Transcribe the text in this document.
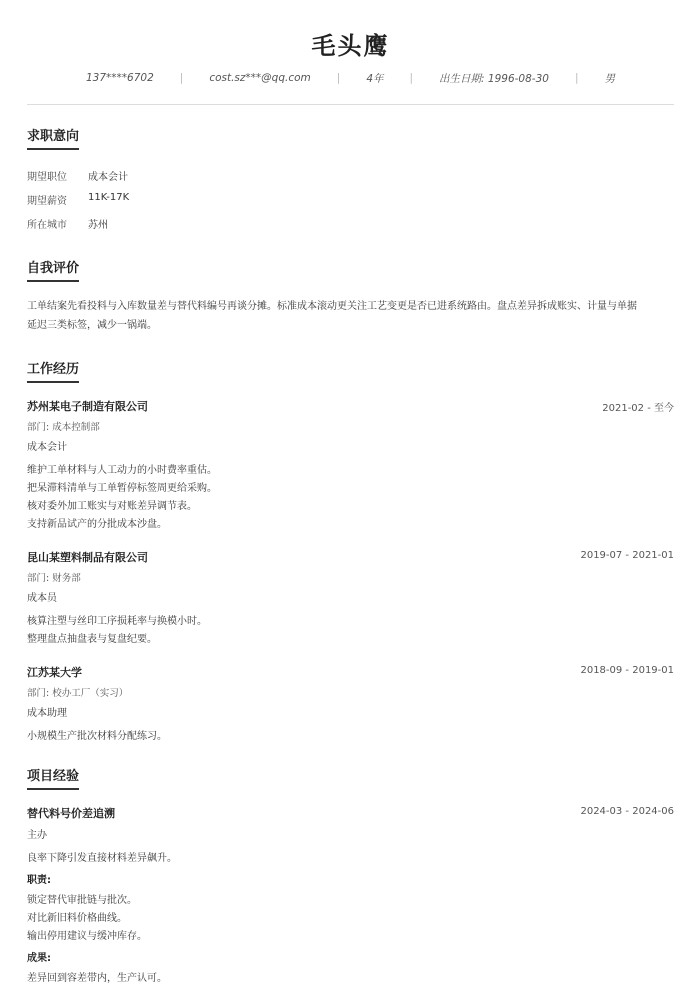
毛头鹰
137****6702 | cost.sz***@qq.com | 4年 | 出生日期: 1996-08-30 | 男
求职意向
期望职位	成本会计
期望薪资	11K-17K
所在城市	苏州
自我评价
工单结案先看投料与入库数量差与替代料编号再谈分摊。标准成本滚动更关注工艺变更是否已进系统路由。盘点差异拆成账实、计量与单据
延迟三类标签，减少一锅端。
工作经历
苏州某电子制造有限公司	2021-02 - 至今
部门: 成本控制部
成本会计
维护工单材料与人工动力的小时费率重估。
把呆滞料清单与工单暂停标签周更给采购。
核对委外加工账实与对账差异调节表。
支持新品试产的分批成本沙盘。
昆山某塑料制品有限公司	2019-07 - 2021-01
部门: 财务部
成本员
核算注塑与丝印工序损耗率与换模小时。
整理盘点抽盘表与复盘纪要。
江苏某大学	2018-09 - 2019-01
部门: 校办工厂（实习）
成本助理
小规模生产批次材料分配练习。
项目经验
替代料号价差追溯	2024-03 - 2024-06
主办
良率下降引发直接材料差异飙升。
职责:
锁定替代审批链与批次。
对比新旧料价格曲线。
输出停用建议与缓冲库存。
成果:
差异回到容差带内，生产认可。
